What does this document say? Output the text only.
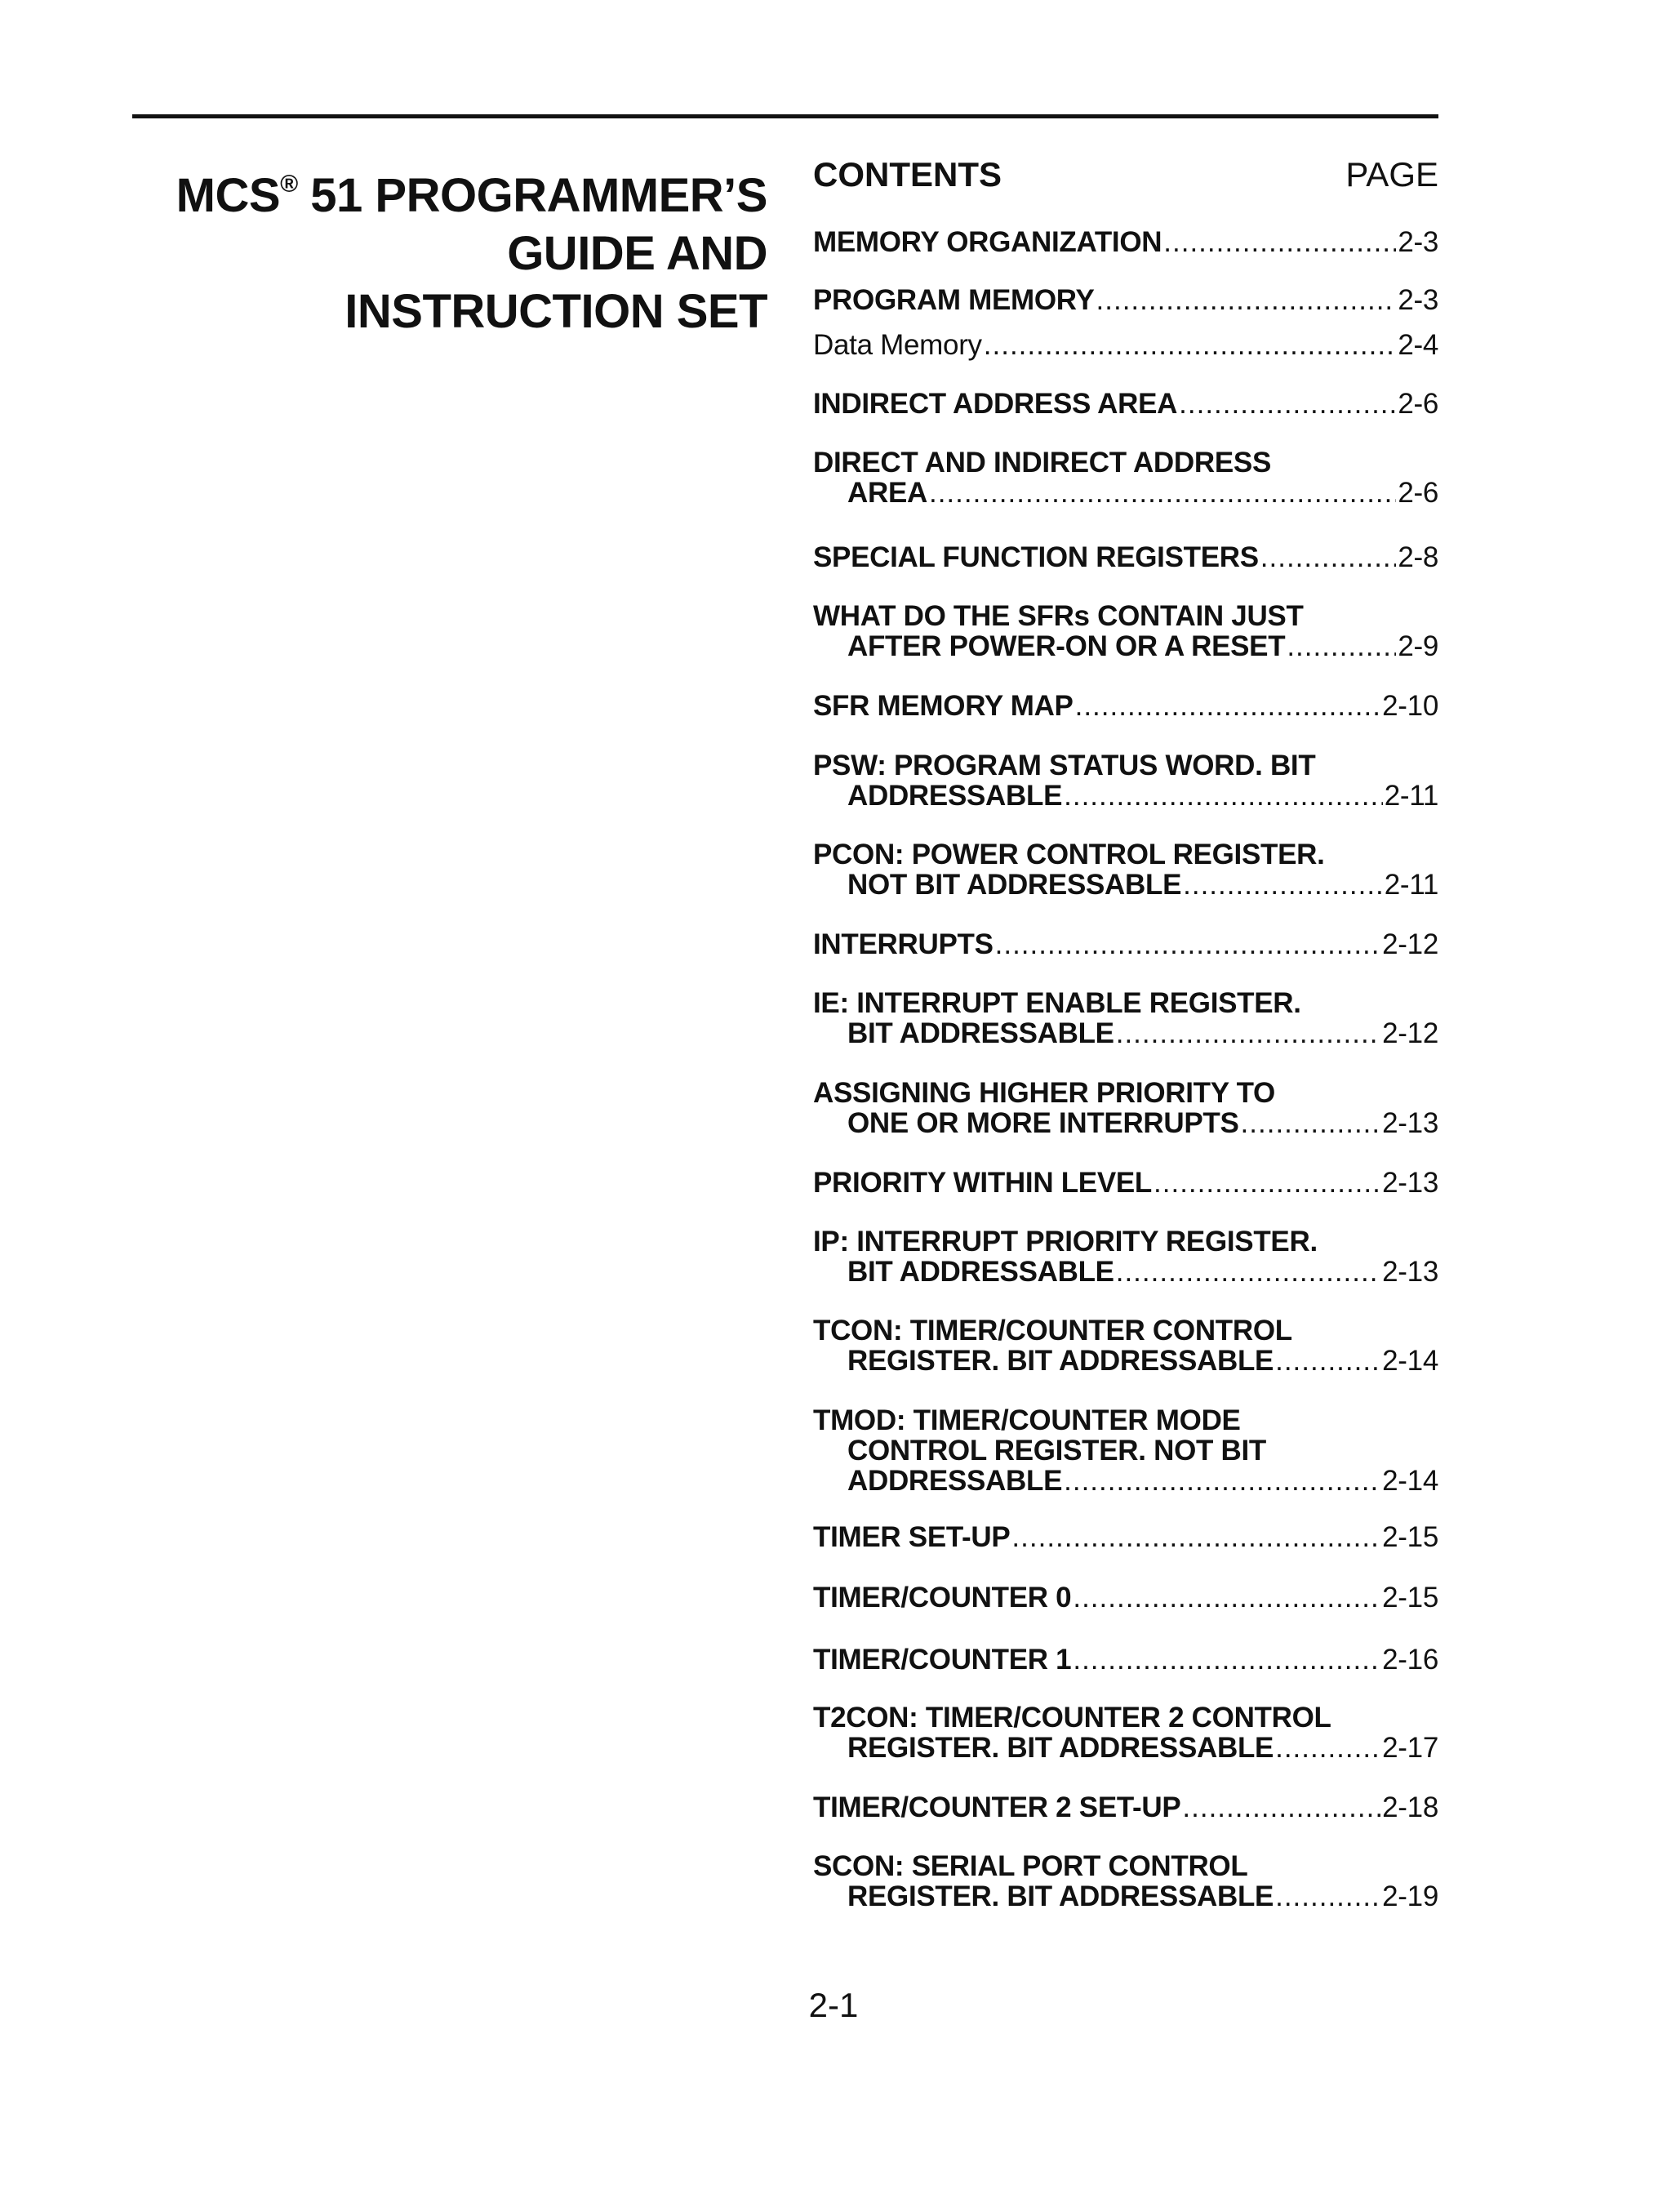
MCS® 51 PROGRAMMER’S
GUIDE AND
INSTRUCTION SET
CONTENTS	PAGE
MEMORY ORGANIZATION .....	2-3
PROGRAM MEMORY .....	2-3
Data Memory .....	2-4
INDIRECT ADDRESS AREA .....	2-6
DIRECT AND INDIRECT ADDRESS
AREA .....	2-6
SPECIAL FUNCTION REGISTERS .....	2-8
WHAT DO THE SFRs CONTAIN JUST
AFTER POWER-ON OR A RESET .....	2-9
SFR MEMORY MAP .....	2-10
PSW: PROGRAM STATUS WORD. BIT
ADDRESSABLE .....	2-11
PCON: POWER CONTROL REGISTER.
NOT BIT ADDRESSABLE .....	2-11
INTERRUPTS .....	2-12
IE: INTERRUPT ENABLE REGISTER.
BIT ADDRESSABLE .....	2-12
ASSIGNING HIGHER PRIORITY TO
ONE OR MORE INTERRUPTS .....	2-13
PRIORITY WITHIN LEVEL .....	2-13
IP: INTERRUPT PRIORITY REGISTER.
BIT ADDRESSABLE .....	2-13
TCON: TIMER/COUNTER CONTROL
REGISTER. BIT ADDRESSABLE .....	2-14
TMOD: TIMER/COUNTER MODE
CONTROL REGISTER. NOT BIT
ADDRESSABLE .....	2-14
TIMER SET-UP .....	2-15
TIMER/COUNTER 0 .....	2-15
TIMER/COUNTER 1 .....	2-16
T2CON: TIMER/COUNTER 2 CONTROL
REGISTER. BIT ADDRESSABLE .....	2-17
TIMER/COUNTER 2 SET-UP .....	2-18
SCON: SERIAL PORT CONTROL
REGISTER. BIT ADDRESSABLE .....	2-19
2-1
